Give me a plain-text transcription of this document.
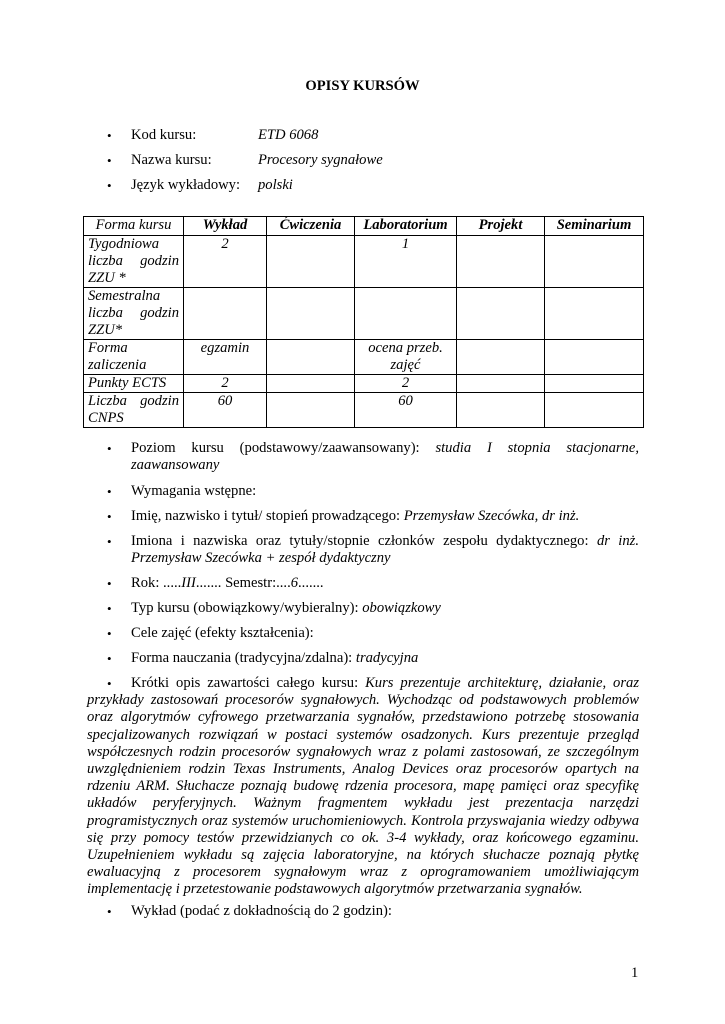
OPISY KURSÓW
• Kod kursu:	ETD 6068
• Nazwa kursu:	Procesory sygnałowe
• Język wykładowy: polski
Forma kursu	Wykład	Ćwiczenia	Laboratorium	Projekt	Seminarium
Tygodniowa liczba godzin ZZU *	2		1		
Semestralna liczba godzin ZZU*					
Forma zaliczenia	egzamin		ocena przeb. zajęć		
Punkty ECTS	2		2		
Liczba godzin CNPS	60		60		
• Poziom kursu (podstawowy/zaawansowany): studia I stopnia stacjonarne, zaawansowany
• Wymagania wstępne:
• Imię, nazwisko i tytuł/ stopień prowadzącego: Przemysław Szecówka, dr inż.
• Imiona i nazwiska oraz tytuły/stopnie członków zespołu dydaktycznego: dr inż. Przemysław Szecówka + zespół dydaktyczny
• Rok: .....III....... Semestr:....6.......
• Typ kursu (obowiązkowy/wybieralny): obowiązkowy
• Cele zajęć (efekty kształcenia):
• Forma nauczania (tradycyjna/zdalna): tradycyjna
•	Krótki opis zawartości całego kursu: Kurs prezentuje architekturę, działanie, oraz przykłady zastosowań procesorów sygnałowych. Wychodząc od podstawowych problemów oraz algorytmów cyfrowego przetwarzania sygnałów, przedstawiono potrzebę stosowania specjalizowanych rozwiązań w postaci systemów osadzonych. Kurs prezentuje przegląd współczesnych rodzin procesorów sygnałowych wraz z polami zastosowań, ze szczególnym uwzględnieniem rodzin Texas Instruments, Analog Devices oraz procesorów opartych na rdzeniu ARM. Słuchacze poznają budowę rdzenia procesora, mapę pamięci oraz specyfikę układów peryferyjnych. Ważnym fragmentem wykładu jest prezentacja narzędzi programistycznych oraz systemów uruchomieniowych. Kontrola przyswajania wiedzy odbywa się przy pomocy testów przewidzianych co ok. 3-4 wykłady, oraz końcowego egzaminu. Uzupełnieniem wykładu są zajęcia laboratoryjne, na których słuchacze poznają płytkę ewaluacyjną z procesorem sygnałowym wraz z oprogramowaniem umożliwiającym implementację i przetestowanie podstawowych algorytmów przetwarzania sygnałów.
• Wykład (podać z dokładnością do 2 godzin):
1
